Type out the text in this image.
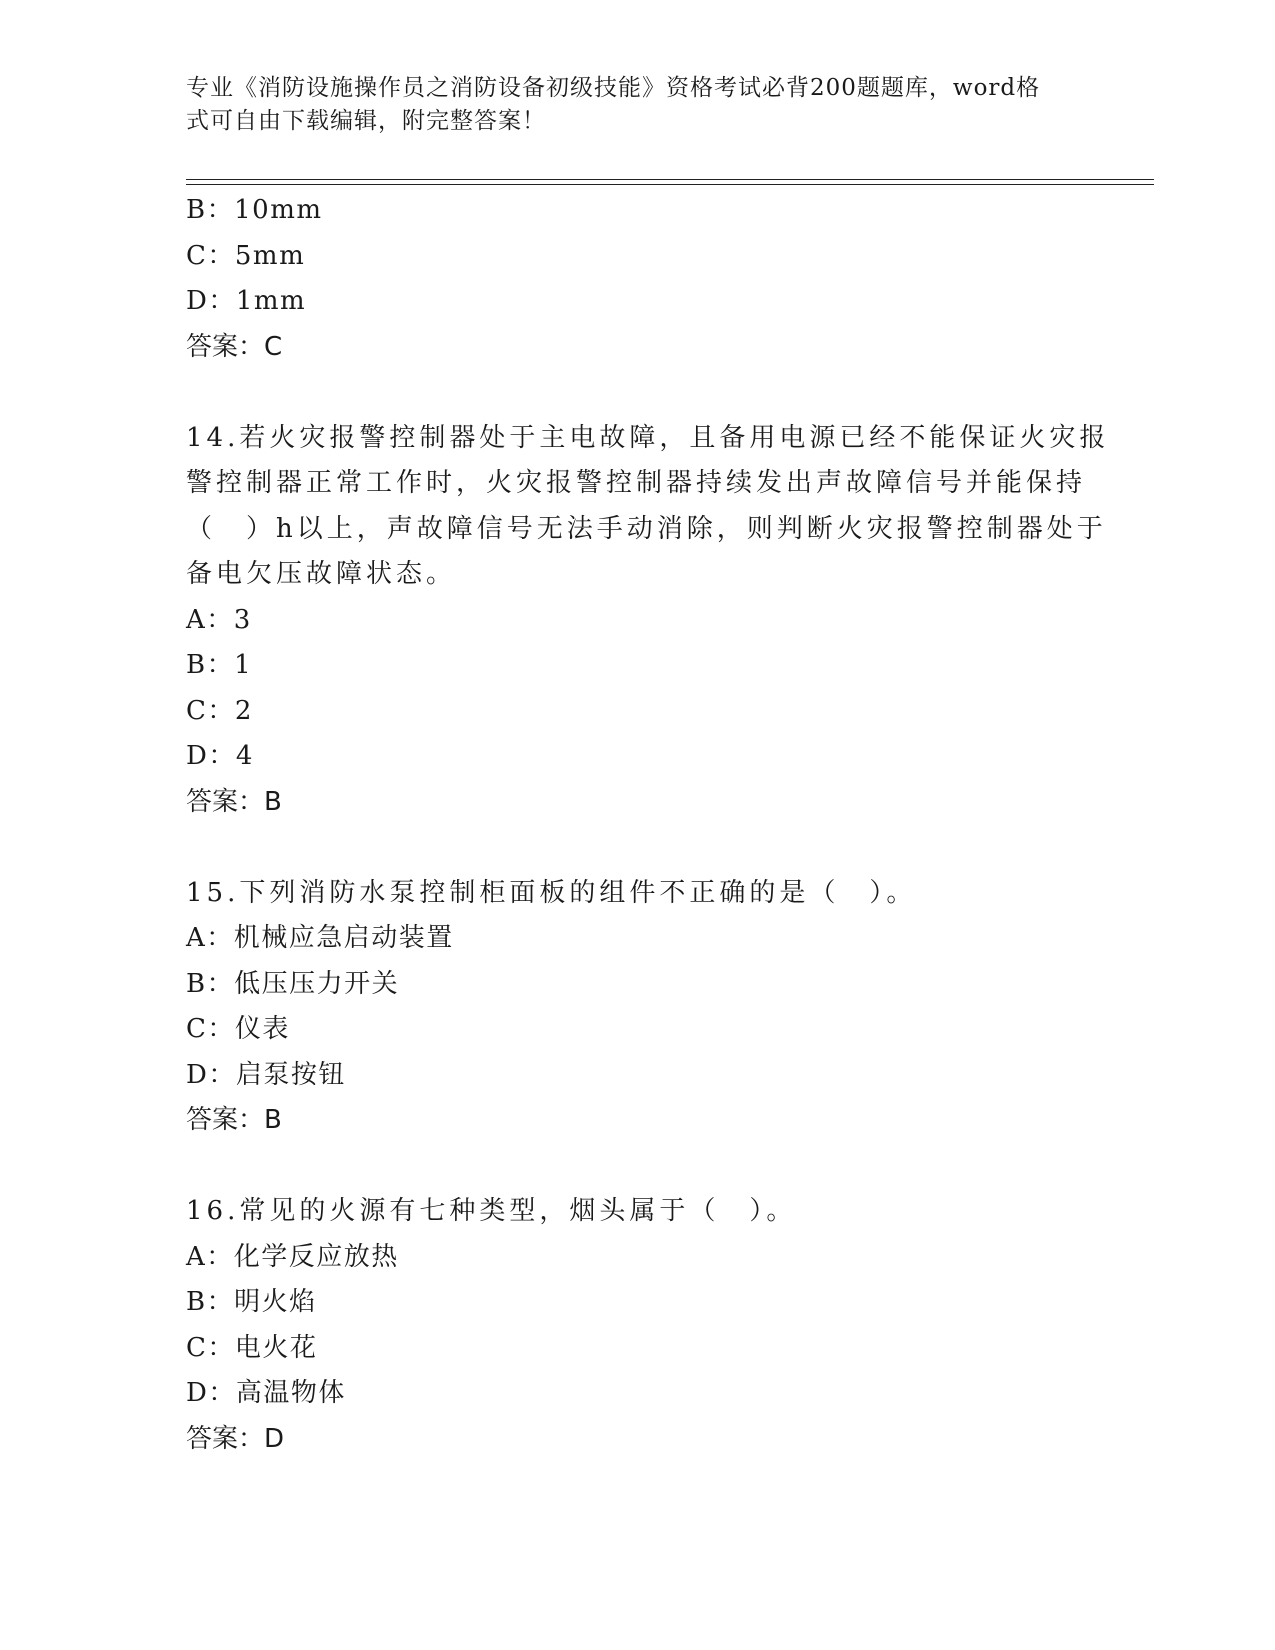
专业《消防设施操作员之消防设备初级技能》资格考试必背200题题库，word格
式可自由下载编辑，附完整答案！
B：10mm
C：5mm
D：1mm
答案：C
14.若火灾报警控制器处于主电故障，且备用电源已经不能保证火灾报
警控制器正常工作时，火灾报警控制器持续发出声故障信号并能保持
（　）h以上，声故障信号无法手动消除，则判断火灾报警控制器处于
备电欠压故障状态。
A：3
B：1
C：2
D：4
答案：B
15.下列消防水泵控制柜面板的组件不正确的是（　）。
A：机械应急启动装置
B：低压压力开关
C：仪表
D：启泵按钮
答案：B
16.常见的火源有七种类型，烟头属于（　）。
A：化学反应放热
B：明火焰
C：电火花
D：高温物体
答案：D
